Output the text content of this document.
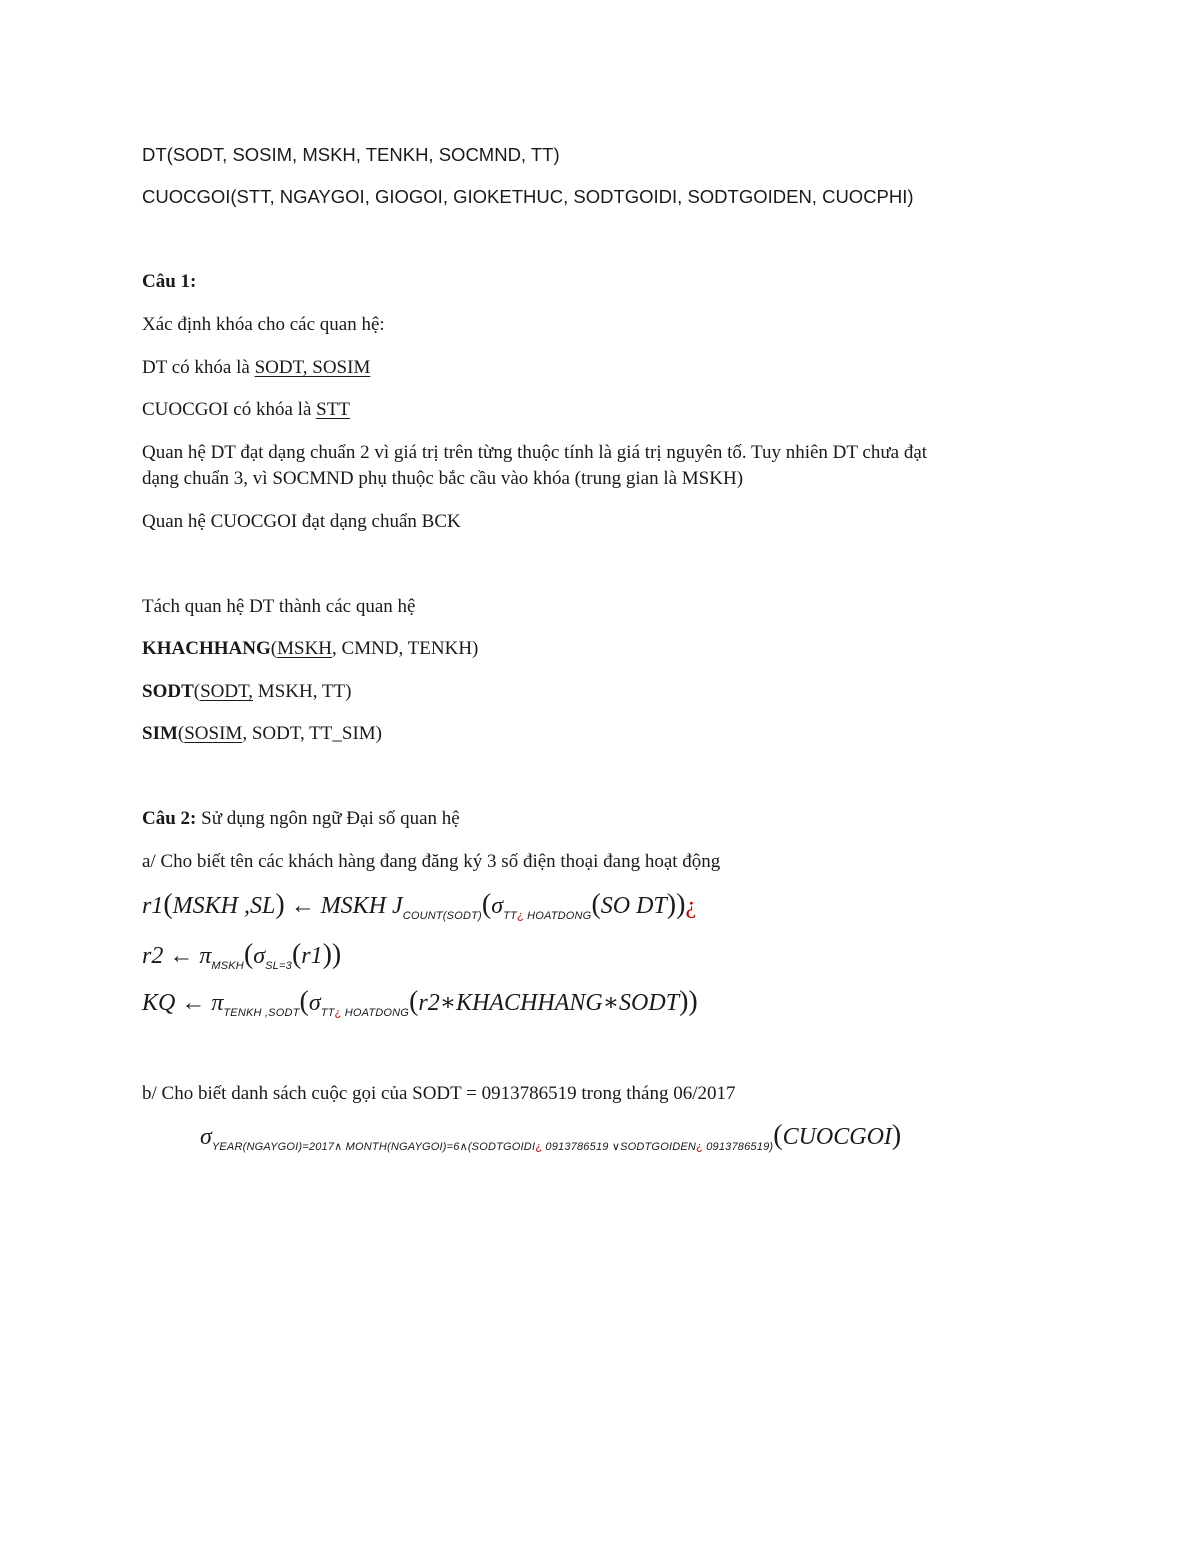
DT(SODT, SOSIM, MSKH, TENKH, SOCMND, TT)
CUOCGOI(STT, NGAYGOI, GIOGOI, GIOKETHUC, SODTGOIDI, SODTGOIDEN, CUOCPHI)
Câu 1:
Xác định khóa cho các quan hệ:
DT có khóa là SODT, SOSIM
CUOCGOI có khóa là STT
Quan hệ DT đạt dạng chuẩn 2 vì giá trị trên từng thuộc tính là giá trị nguyên tố. Tuy nhiên DT chưa đạt
dạng chuẩn 3, vì SOCMND phụ thuộc bắc cầu vào khóa (trung gian là MSKH)
Quan hệ CUOCGOI đạt dạng chuẩn BCK
Tách quan hệ DT thành các quan hệ
KHACHHANG(MSKH, CMND, TENKH)
SODT(SODT, MSKH, TT)
SIM(SOSIM, SODT, TT_SIM)
Câu 2: Sử dụng ngôn ngữ Đại số quan hệ
a/ Cho biết tên các khách hàng đang đăng ký 3 số điện thoại đang hoạt động
r1(MSKH ,SL) ← MSKH $J_{COUNT(SODT)}(\sigma_{TT¿ HOATDONG}(SO$ DT))¿
r2 ← $\pi_{MSKH}(\sigma_{SL=3}(r1))$
KQ ← $\pi_{TENKH ,SODT}(\sigma_{TT¿ HOATDONG}(r2∗KHACHHANG∗SODT))$
b/ Cho biết danh sách cuộc gọi của SODT = 0913786519 trong tháng 06/2017
$\sigma_{YEAR(NGAYGOI)=2017\wedge MONTH(NGAYGOI)=6\wedge(SODTGOIDI¿ 0913786519 \vee SODTGOIDEN¿ 0913786519)}(CUOCGOI)$
